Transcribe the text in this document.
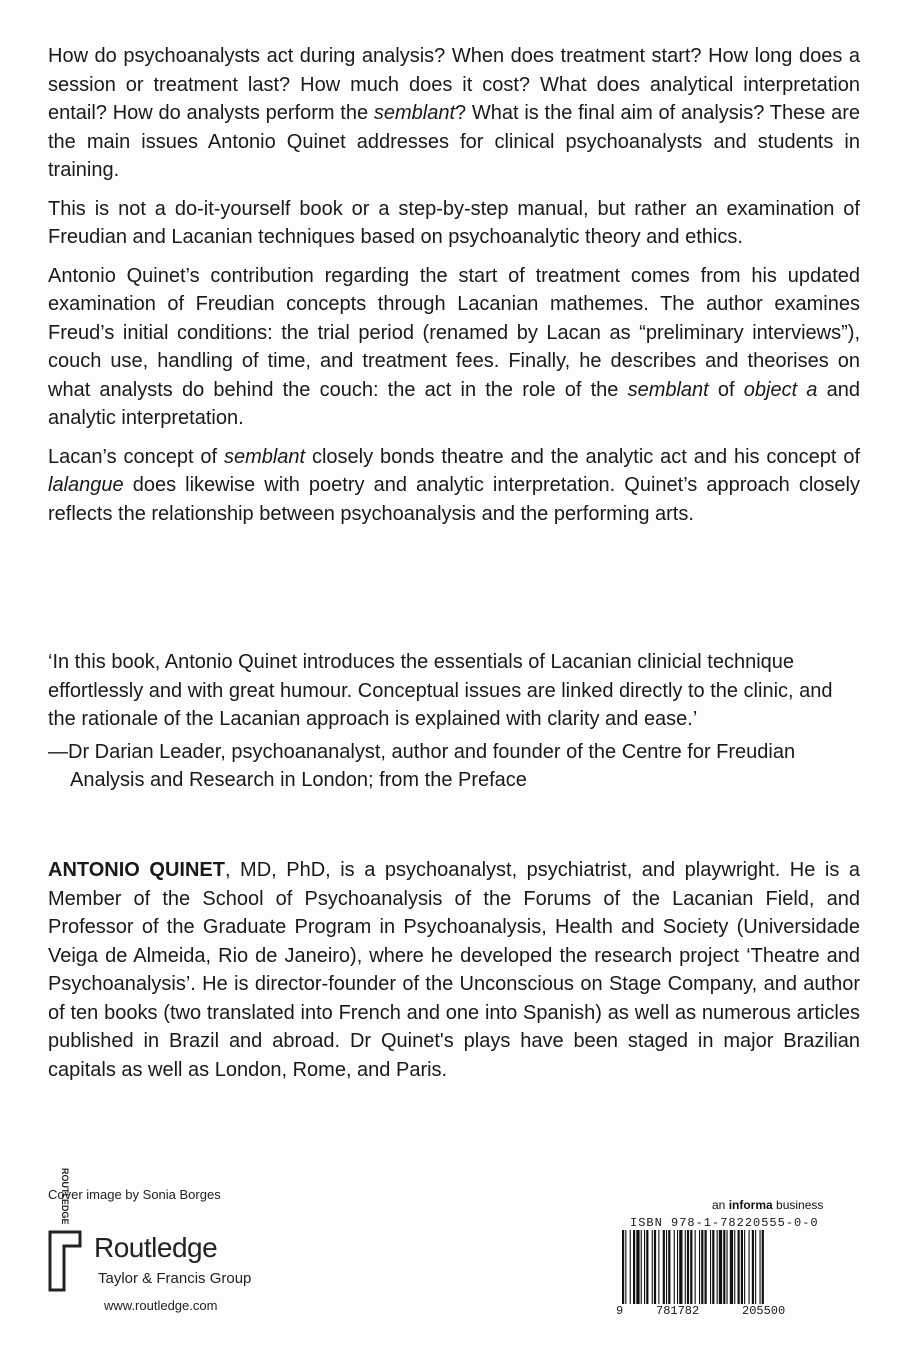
How do psychoanalysts act during analysis? When does treatment start? How long does a session or treatment last? How much does it cost? What does analytical interpretation entail? How do analysts perform the semblant? What is the final aim of analysis? These are the main issues Antonio Quinet addresses for clinical psychoanalysts and students in training.

This is not a do-it-yourself book or a step-by-step manual, but rather an examination of Freudian and Lacanian techniques based on psychoanalytic theory and ethics.

Antonio Quinet’s contribution regarding the start of treatment comes from his updated examination of Freudian concepts through Lacanian mathemes. The author examines Freud’s initial conditions: the trial period (renamed by Lacan as “preliminary interviews”), couch use, handling of time, and treatment fees. Finally, he describes and theorises on what analysts do behind the couch: the act in the role of the semblant of object a and analytic interpretation.

Lacan’s concept of semblant closely bonds theatre and the analytic act and his concept of lalangue does likewise with poetry and analytic interpretation. Quinet’s approach closely reflects the relationship between psychoanalysis and the performing arts.

‘In this book, Antonio Quinet introduces the essentials of Lacanian clinicial technique effortlessly and with great humour. Conceptual issues are linked directly to the clinic, and the rationale of the Lacanian approach is explained with clarity and ease.’

—Dr Darian Leader, psychoananalyst, author and founder of the Centre for Freudian Analysis and Research in London; from the Preface

ANTONIO QUINET, MD, PhD, is a psychoanalyst, psychiatrist, and playwright. He is a Member of the School of Psychoanalysis of the Forums of the Lacanian Field, and Professor of the Graduate Program in Psychoanalysis, Health and Society (Universidade Veiga de Almeida, Rio de Janeiro), where he developed the research project ‘Theatre and Psychoanalysis’. He is director-founder of the Unconscious on Stage Company, and author of ten books (two translated into French and one into Spanish) as well as numerous articles published in Brazil and abroad. Dr Quinet's plays have been staged in major Brazilian capitals as well as London, Rome, and Paris.

Cover image by Sonia Borges
ROUTLEDGE
Routledge
Taylor & Francis Group
www.routledge.com
an informa business
ISBN 978-1-78220555-0-0
9	781782	205500
